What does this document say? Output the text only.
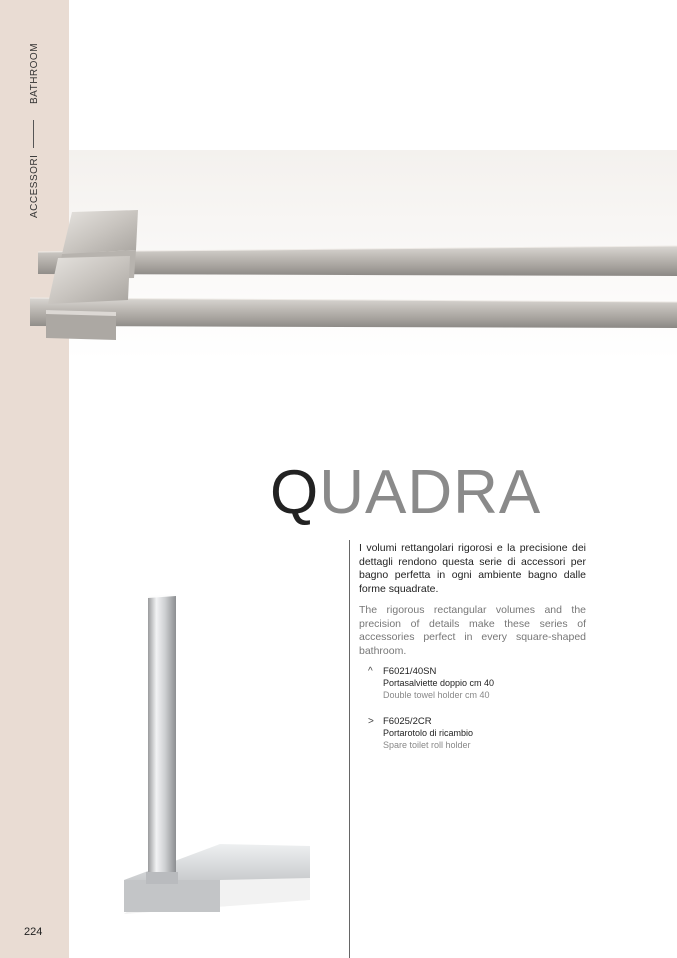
ACCESSORI
BATHROOM
224
QUADRA

I volumi rettangolari rigorosi e la precisione dei dettagli rendono questa serie di accessori per bagno perfetta in ogni ambiente bagno dalle forme squadrate.

The rigorous rectangular volumes and the precision of details make these series of accessories perfect in every square-shaped bathroom.

^	F6021/40SN
Portasalviette doppio cm 40
Double towel holder cm 40
> F6025/2CR
Portarotolo di ricambio
Spare toilet roll holder
